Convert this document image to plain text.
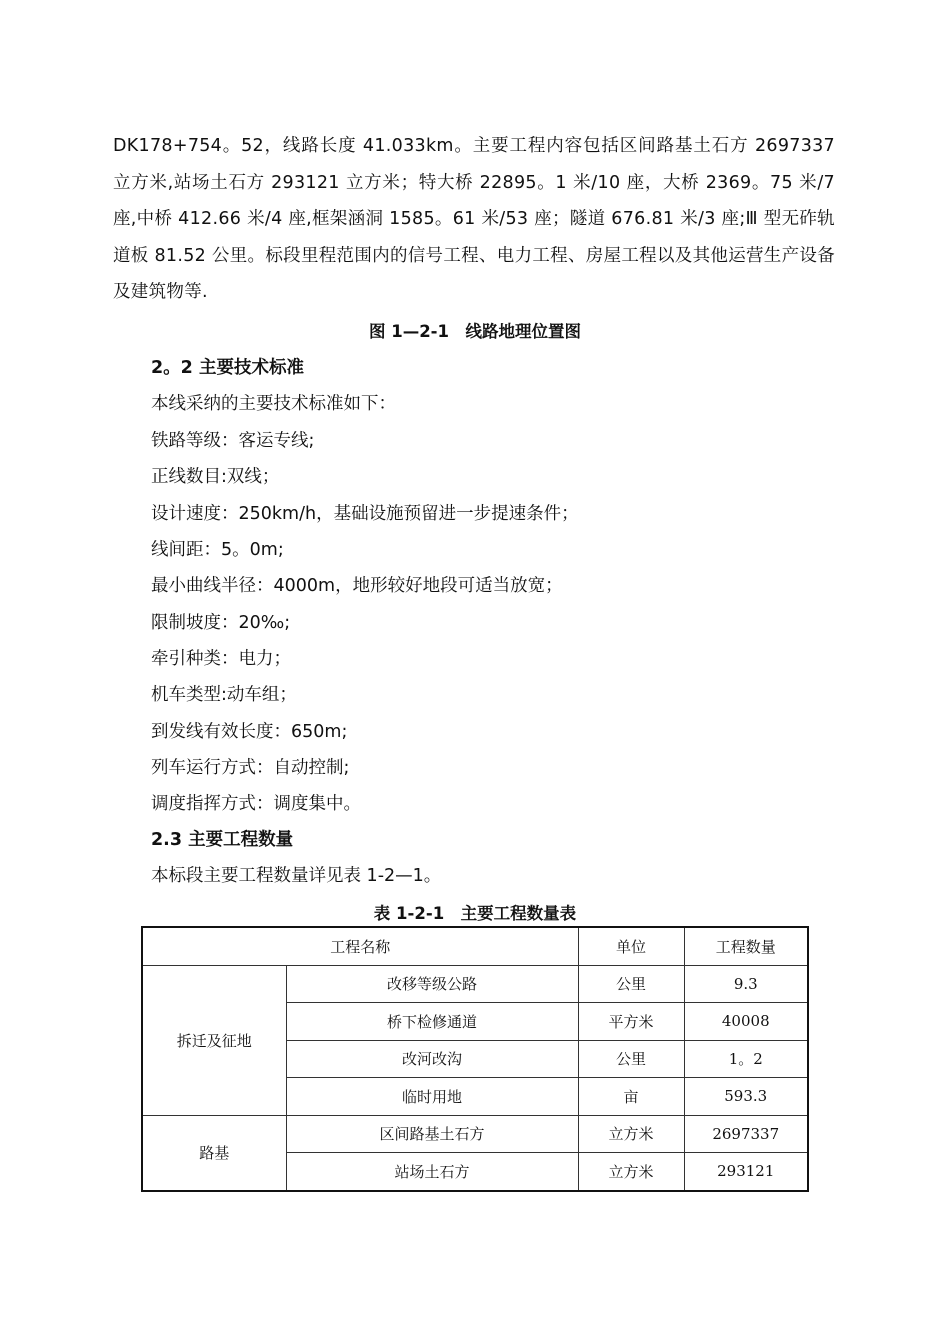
DK178+754。52，线路长度 41.033km。主要工程内容包括区间路基土石方 2697337 立方米,站场土石方 293121 立方米；特大桥 22895。1 米/10 座，大桥 2369。75 米/7 座,中桥 412.66 米/4 座,框架涵洞 1585。61 米/53 座；隧道 676.81 米/3 座;Ⅲ 型无砟轨道板 81.52 公里。标段里程范围内的信号工程、电力工程、房屋工程以及其他运营生产设备及建筑物等.
图 1—2-1　线路地理位置图
2。2 主要技术标准
本线采纳的主要技术标准如下：
铁路等级：客运专线;
正线数目:双线；
设计速度：250km/h，基础设施预留进一步提速条件；
线间距：5。0m;
最小曲线半径：4000m，地形较好地段可适当放宽；
限制坡度：20‰;
牵引种类：电力；
机车类型:动车组；
到发线有效长度：650m;
列车运行方式：自动控制;
调度指挥方式：调度集中。
2.3 主要工程数量
本标段主要工程数量详见表 1-2—1。
表 1-2-1　主要工程数量表
工程名称		单位	工程数量
拆迁及征地	改移等级公路	公里	9.3
	桥下检修通道	平方米	40008
	改河改沟	公里	1。2
	临时用地	亩	593.3
路基	区间路基土石方	立方米	2697337
	站场土石方	立方米	293121
